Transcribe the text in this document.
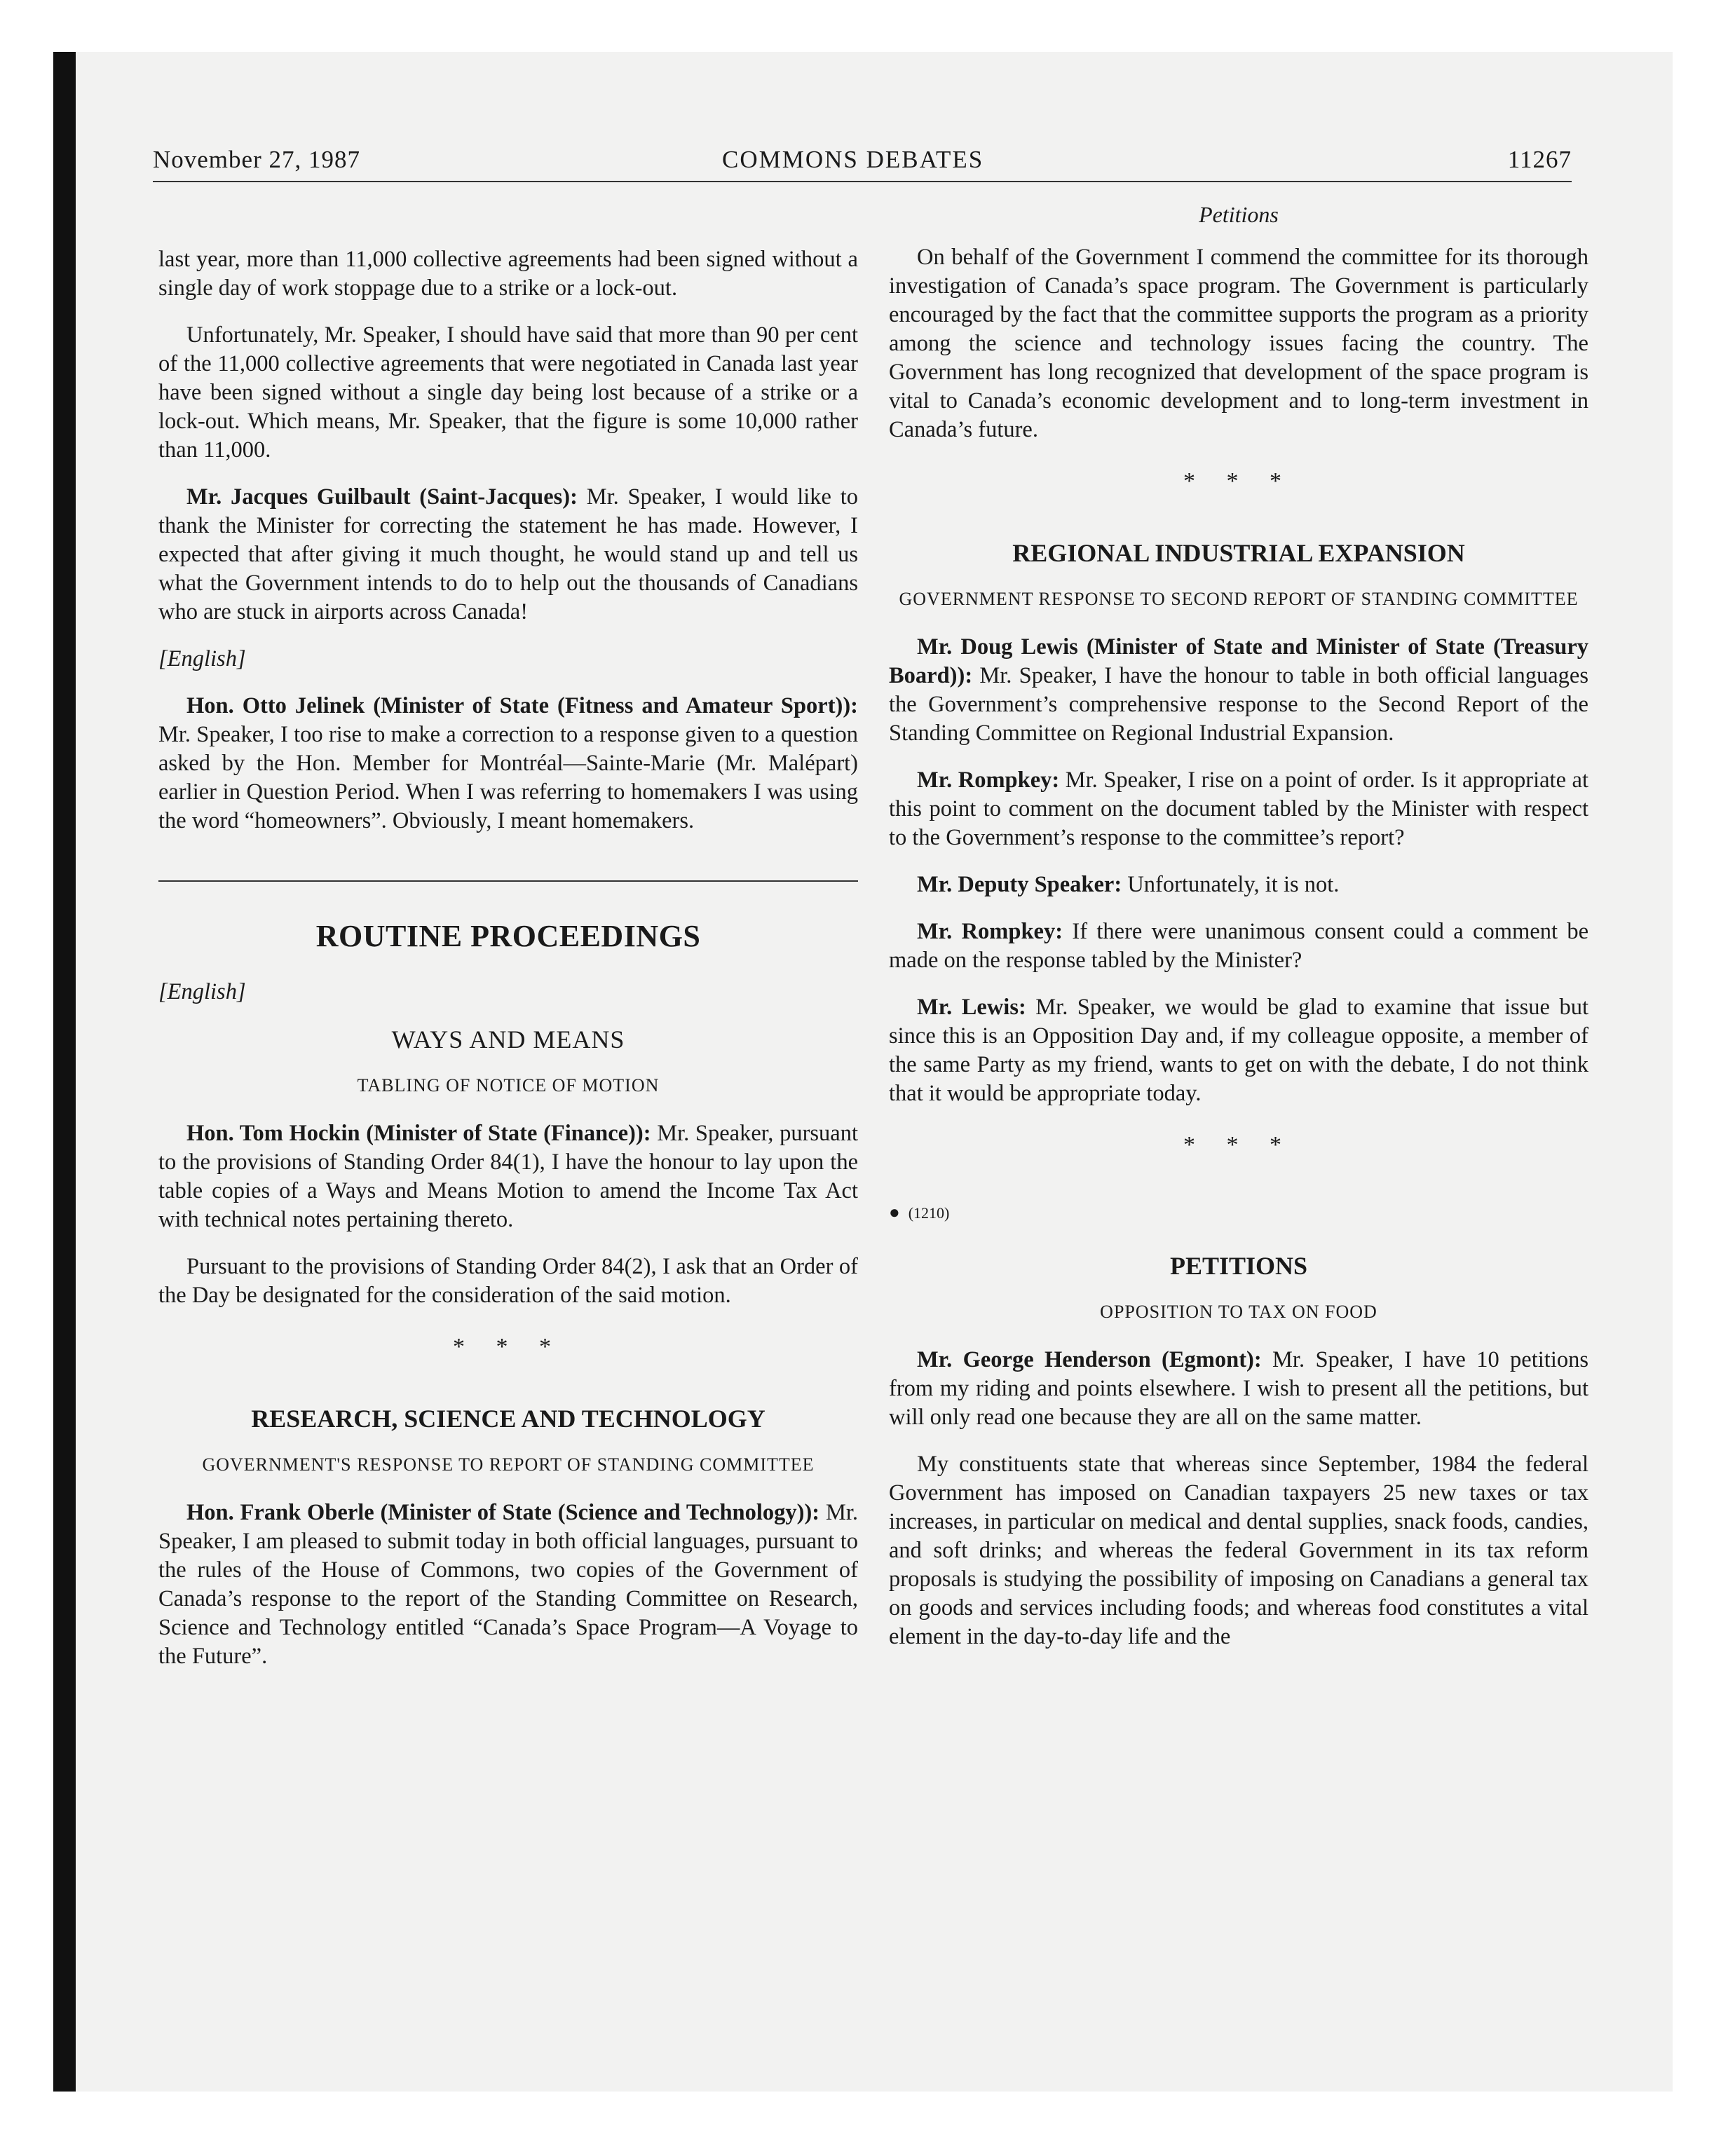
November 27, 1987	COMMONS DEBATES	11267

last year, more than 11,000 collective agreements had been signed without a single day of work stoppage due to a strike or a lock-out.

Unfortunately, Mr. Speaker, I should have said that more than 90 per cent of the 11,000 collective agreements that were negotiated in Canada last year have been signed without a single day being lost because of a strike or a lock-out. Which means, Mr. Speaker, that the figure is some 10,000 rather than 11,000.

Mr. Jacques Guilbault (Saint-Jacques): Mr. Speaker, I would like to thank the Minister for correcting the statement he has made. However, I expected that after giving it much thought, he would stand up and tell us what the Government intends to do to help out the thousands of Canadians who are stuck in airports across Canada!

[English]

Hon. Otto Jelinek (Minister of State (Fitness and Amateur Sport)): Mr. Speaker, I too rise to make a correction to a response given to a question asked by the Hon. Member for Montréal—Sainte-Marie (Mr. Malépart) earlier in Question Period. When I was referring to homemakers I was using the word “homeowners”. Obviously, I meant homemakers.

ROUTINE PROCEEDINGS
[English]
WAYS AND MEANS
TABLING OF NOTICE OF MOTION

Hon. Tom Hockin (Minister of State (Finance)): Mr. Speaker, pursuant to the provisions of Standing Order 84(1), I have the honour to lay upon the table copies of a Ways and Means Motion to amend the Income Tax Act with technical notes pertaining thereto.

Pursuant to the provisions of Standing Order 84(2), I ask that an Order of the Day be designated for the consideration of the said motion.

* * *
RESEARCH, SCIENCE AND TECHNOLOGY
GOVERNMENT'S RESPONSE TO REPORT OF STANDING COMMITTEE

Hon. Frank Oberle (Minister of State (Science and Technology)): Mr. Speaker, I am pleased to submit today in both official languages, pursuant to the rules of the House of Commons, two copies of the Government of Canada’s response to the report of the Standing Committee on Research, Science and Technology entitled “Canada’s Space Program—A Voyage to the Future”.

Petitions

On behalf of the Government I commend the committee for its thorough investigation of Canada’s space program. The Government is particularly encouraged by the fact that the committee supports the program as a priority among the science and technology issues facing the country. The Government has long recognized that development of the space program is vital to Canada’s economic development and to long-term investment in Canada’s future.

* * *
REGIONAL INDUSTRIAL EXPANSION
GOVERNMENT RESPONSE TO SECOND REPORT OF STANDING COMMITTEE

Mr. Doug Lewis (Minister of State and Minister of State (Treasury Board)): Mr. Speaker, I have the honour to table in both official languages the Government’s comprehensive response to the Second Report of the Standing Committee on Regional Industrial Expansion.

Mr. Rompkey: Mr. Speaker, I rise on a point of order. Is it appropriate at this point to comment on the document tabled by the Minister with respect to the Government’s response to the committee’s report?

Mr. Deputy Speaker: Unfortunately, it is not.

Mr. Rompkey: If there were unanimous consent could a comment be made on the response tabled by the Minister?

Mr. Lewis: Mr. Speaker, we would be glad to examine that issue but since this is an Opposition Day and, if my colleague opposite, a member of the same Party as my friend, wants to get on with the debate, I do not think that it would be appropriate today.

* * *
● (1210)
PETITIONS
OPPOSITION TO TAX ON FOOD

Mr. George Henderson (Egmont): Mr. Speaker, I have 10 petitions from my riding and points elsewhere. I wish to present all the petitions, but will only read one because they are all on the same matter.

My constituents state that whereas since September, 1984 the federal Government has imposed on Canadian taxpayers 25 new taxes or tax increases, in particular on medical and dental supplies, snack foods, candies, and soft drinks; and whereas the federal Government in its tax reform proposals is studying the possibility of imposing on Canadians a general tax on goods and services including foods; and whereas food constitutes a vital element in the day-to-day life and the
